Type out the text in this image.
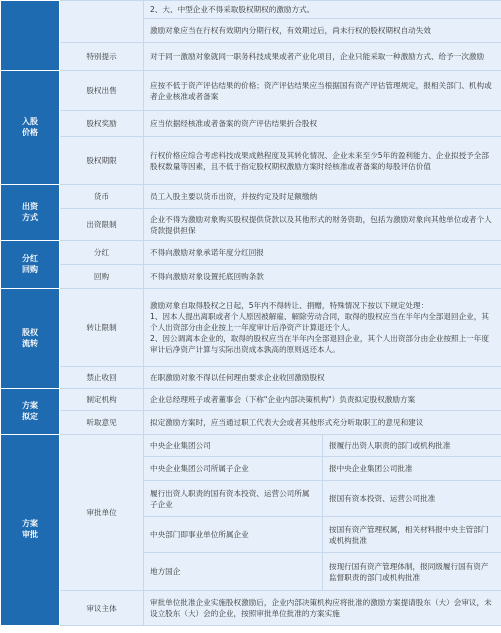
		2、大、中型企业不得采取股权期权的激励方式。	
		激励对象应当在行权有效期内分期行权，有效期过后，尚未行权的股权期权自动失效	
	特别提示	对于同一激励对象就同一职务科技成果或者产业化项目，企业只能采取一种激励方式、给予一次激励	
入股
价格	股权出售	应按不低于资产评估结果的价格；资产评估结果应当根据国有资产评估管理规定，报相关部门、机构或者企业核准或者备案	
	股权奖励	应当依据经核准或者备案的资产评估结果折合股权	
	股权期限	行权价格应综合考虑科技成果成熟程度及其转化情况、企业未来至少5年的盈利能力、企业拟授予全部股权数量等因素，且不低于指定股权期权激励方案时经核准或者备案的每股评估价值	
出资
方式	货币	员工入股主要以货币出资，并按约定及时足额缴纳	
	出资限制	企业不得为激励对象购买股权提供贷款以及其他形式的财务资助，包括为激励对象向其他单位或者个人贷款提供担保	
分红
回购	分红	不得向激励对象承诺年度分红回报	
	回购	不得向激励对象设置托底回购条款	
股权
流转	转让限制	激励对象自取得股权之日起，5年内不得转让、捐赠，特殊情况下按以下规定处理：
1、因本人提出离职或者个人原因被解雇、解除劳动合同，取得的股权应当在半年内全部退回企业，其个人出资部分由企业按上一年度审计后净资产计算退还个人。
2、因公调离本企业的，取得的股权应当在半年内全部退回企业，其个人出资部分由企业按照上一年度审计后净资产计算与实际出资成本孰高的原则返还本人。	
	禁止收回	在职激励对象不得以任何理由要求企业收回激励股权	
方案
拟定	制定机构	企业总经理班子或者董事会（下称"企业内部决策机构"）负责拟定股权激励方案	
	听取意见	拟定激励方案时，应当通过职工代表大会或者其他形式充分听取职工的意见和建议	
方案
审批	审批单位	中央企业集团公司	报履行出资人职责的部门或机构批准
		中央企业集团公司所属子企业	报中央企业集团公司批准
		履行出资人职责的国有资本投资、运营公司所属子企业	报国有资本投资、运营公司批准
		中央部门即事业单位所属企业	按国有资产管理权属，相关材料报中央主管部门或机构批准
		地方国企	按现行国有资产管理体制，报同级履行国有资产监督职责的部门或机构批准
	审议主体	审批单位批准企业实施股权激励后，企业内部决策机构应将批准的激励方案提请股东（大）会审议，未设立股东（大）会的企业，按照审批单位批准的方案实施	
